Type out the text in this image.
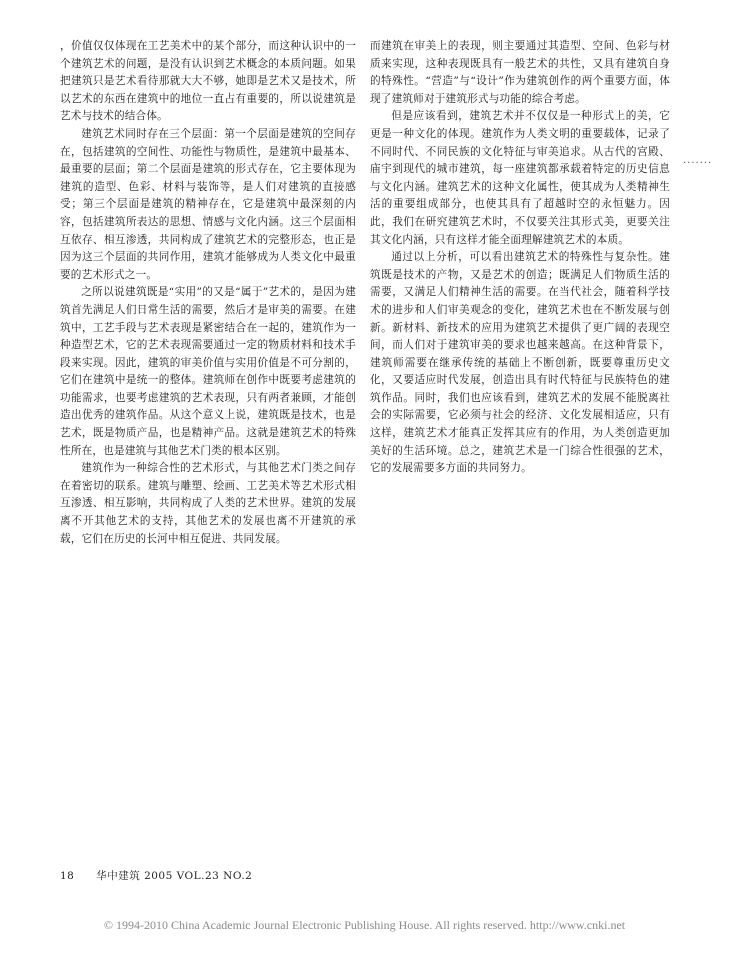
，价值仅仅体现在工艺美术中的某个部分，而这种认识中的一个建筑艺术的问题，是没有认识到艺术概念的本质问题。如果把建筑只是艺术看待那就大大不够，她即是艺术又是技术，所以艺术的东西在建筑中的地位一直占有重要的，所以说建筑是艺术与技术的结合体。

建筑艺术同时存在三个层面：第一个层面是建筑的空间存在，包括建筑的空间性、功能性与物质性，是建筑中最基本、最重要的层面；第二个层面是建筑的形式存在，它主要体现为建筑的造型、色彩、材料与装饰等，是人们对建筑的直接感受；第三个层面是建筑的精神存在，它是建筑中最深刻的内容，包括建筑所表达的思想、情感与文化内涵。这三个层面相互依存、相互渗透，共同构成了建筑艺术的完整形态，也正是因为这三个层面的共同作用，建筑才能够成为人类文化中最重要的艺术形式之一。

之所以说建筑既是“实用”的又是“属于”艺术的，是因为建筑首先满足人们日常生活的需要，然后才是审美的需要。在建筑中，工艺手段与艺术表现是紧密结合在一起的，建筑作为一种造型艺术，它的艺术表现需要通过一定的物质材料和技术手段来实现。因此，建筑的审美价值与实用价值是不可分割的，它们在建筑中是统一的整体。建筑师在创作中既要考虑建筑的功能需求，也要考虑建筑的艺术表现，只有两者兼顾，才能创造出优秀的建筑作品。从这个意义上说，建筑既是技术，也是艺术，既是物质产品，也是精神产品。这就是建筑艺术的特殊性所在，也是建筑与其他艺术门类的根本区别。

建筑作为一种综合性的艺术形式，与其他艺术门类之间存在着密切的联系。建筑与雕塑、绘画、工艺美术等艺术形式相互渗透、相互影响，共同构成了人类的艺术世界。建筑的发展离不开其他艺术的支持，其他艺术的发展也离不开建筑的承载，它们在历史的长河中相互促进、共同发展。

而建筑在审美上的表现，则主要通过其造型、空间、色彩与材质来实现，这种表现既具有一般艺术的共性，又具有建筑自身的特殊性。“营造”与“设计”作为建筑创作的两个重要方面，体现了建筑师对于建筑形式与功能的综合考虑。

但是应该看到，建筑艺术并不仅仅是一种形式上的美，它更是一种文化的体现。建筑作为人类文明的重要载体，记录了不同时代、不同民族的文化特征与审美追求。从古代的宫殿、庙宇到现代的城市建筑，每一座建筑都承载着特定的历史信息与文化内涵。建筑艺术的这种文化属性，使其成为人类精神生活的重要组成部分，也使其具有了超越时空的永恒魅力。因此，我们在研究建筑艺术时，不仅要关注其形式美，更要关注其文化内涵，只有这样才能全面理解建筑艺术的本质。

通过以上分析，可以看出建筑艺术的特殊性与复杂性。建筑既是技术的产物，又是艺术的创造；既满足人们物质生活的需要，又满足人们精神生活的需要。在当代社会，随着科学技术的进步和人们审美观念的变化，建筑艺术也在不断发展与创新。新材料、新技术的应用为建筑艺术提供了更广阔的表现空间，而人们对于建筑审美的要求也越来越高。在这种背景下，建筑师需要在继承传统的基础上不断创新，既要尊重历史文化，又要适应时代发展，创造出具有时代特征与民族特色的建筑作品。同时，我们也应该看到，建筑艺术的发展不能脱离社会的实际需要，它必须与社会的经济、文化发展相适应，只有这样，建筑艺术才能真正发挥其应有的作用，为人类创造更加美好的生活环境。总之，建筑艺术是一门综合性很强的艺术，它的发展需要多方面的共同努力。

·······
18 华中建筑 2005 VOL.23 NO.2
© 1994-2010 China Academic Journal Electronic Publishing House. All rights reserved. http://www.cnki.net
